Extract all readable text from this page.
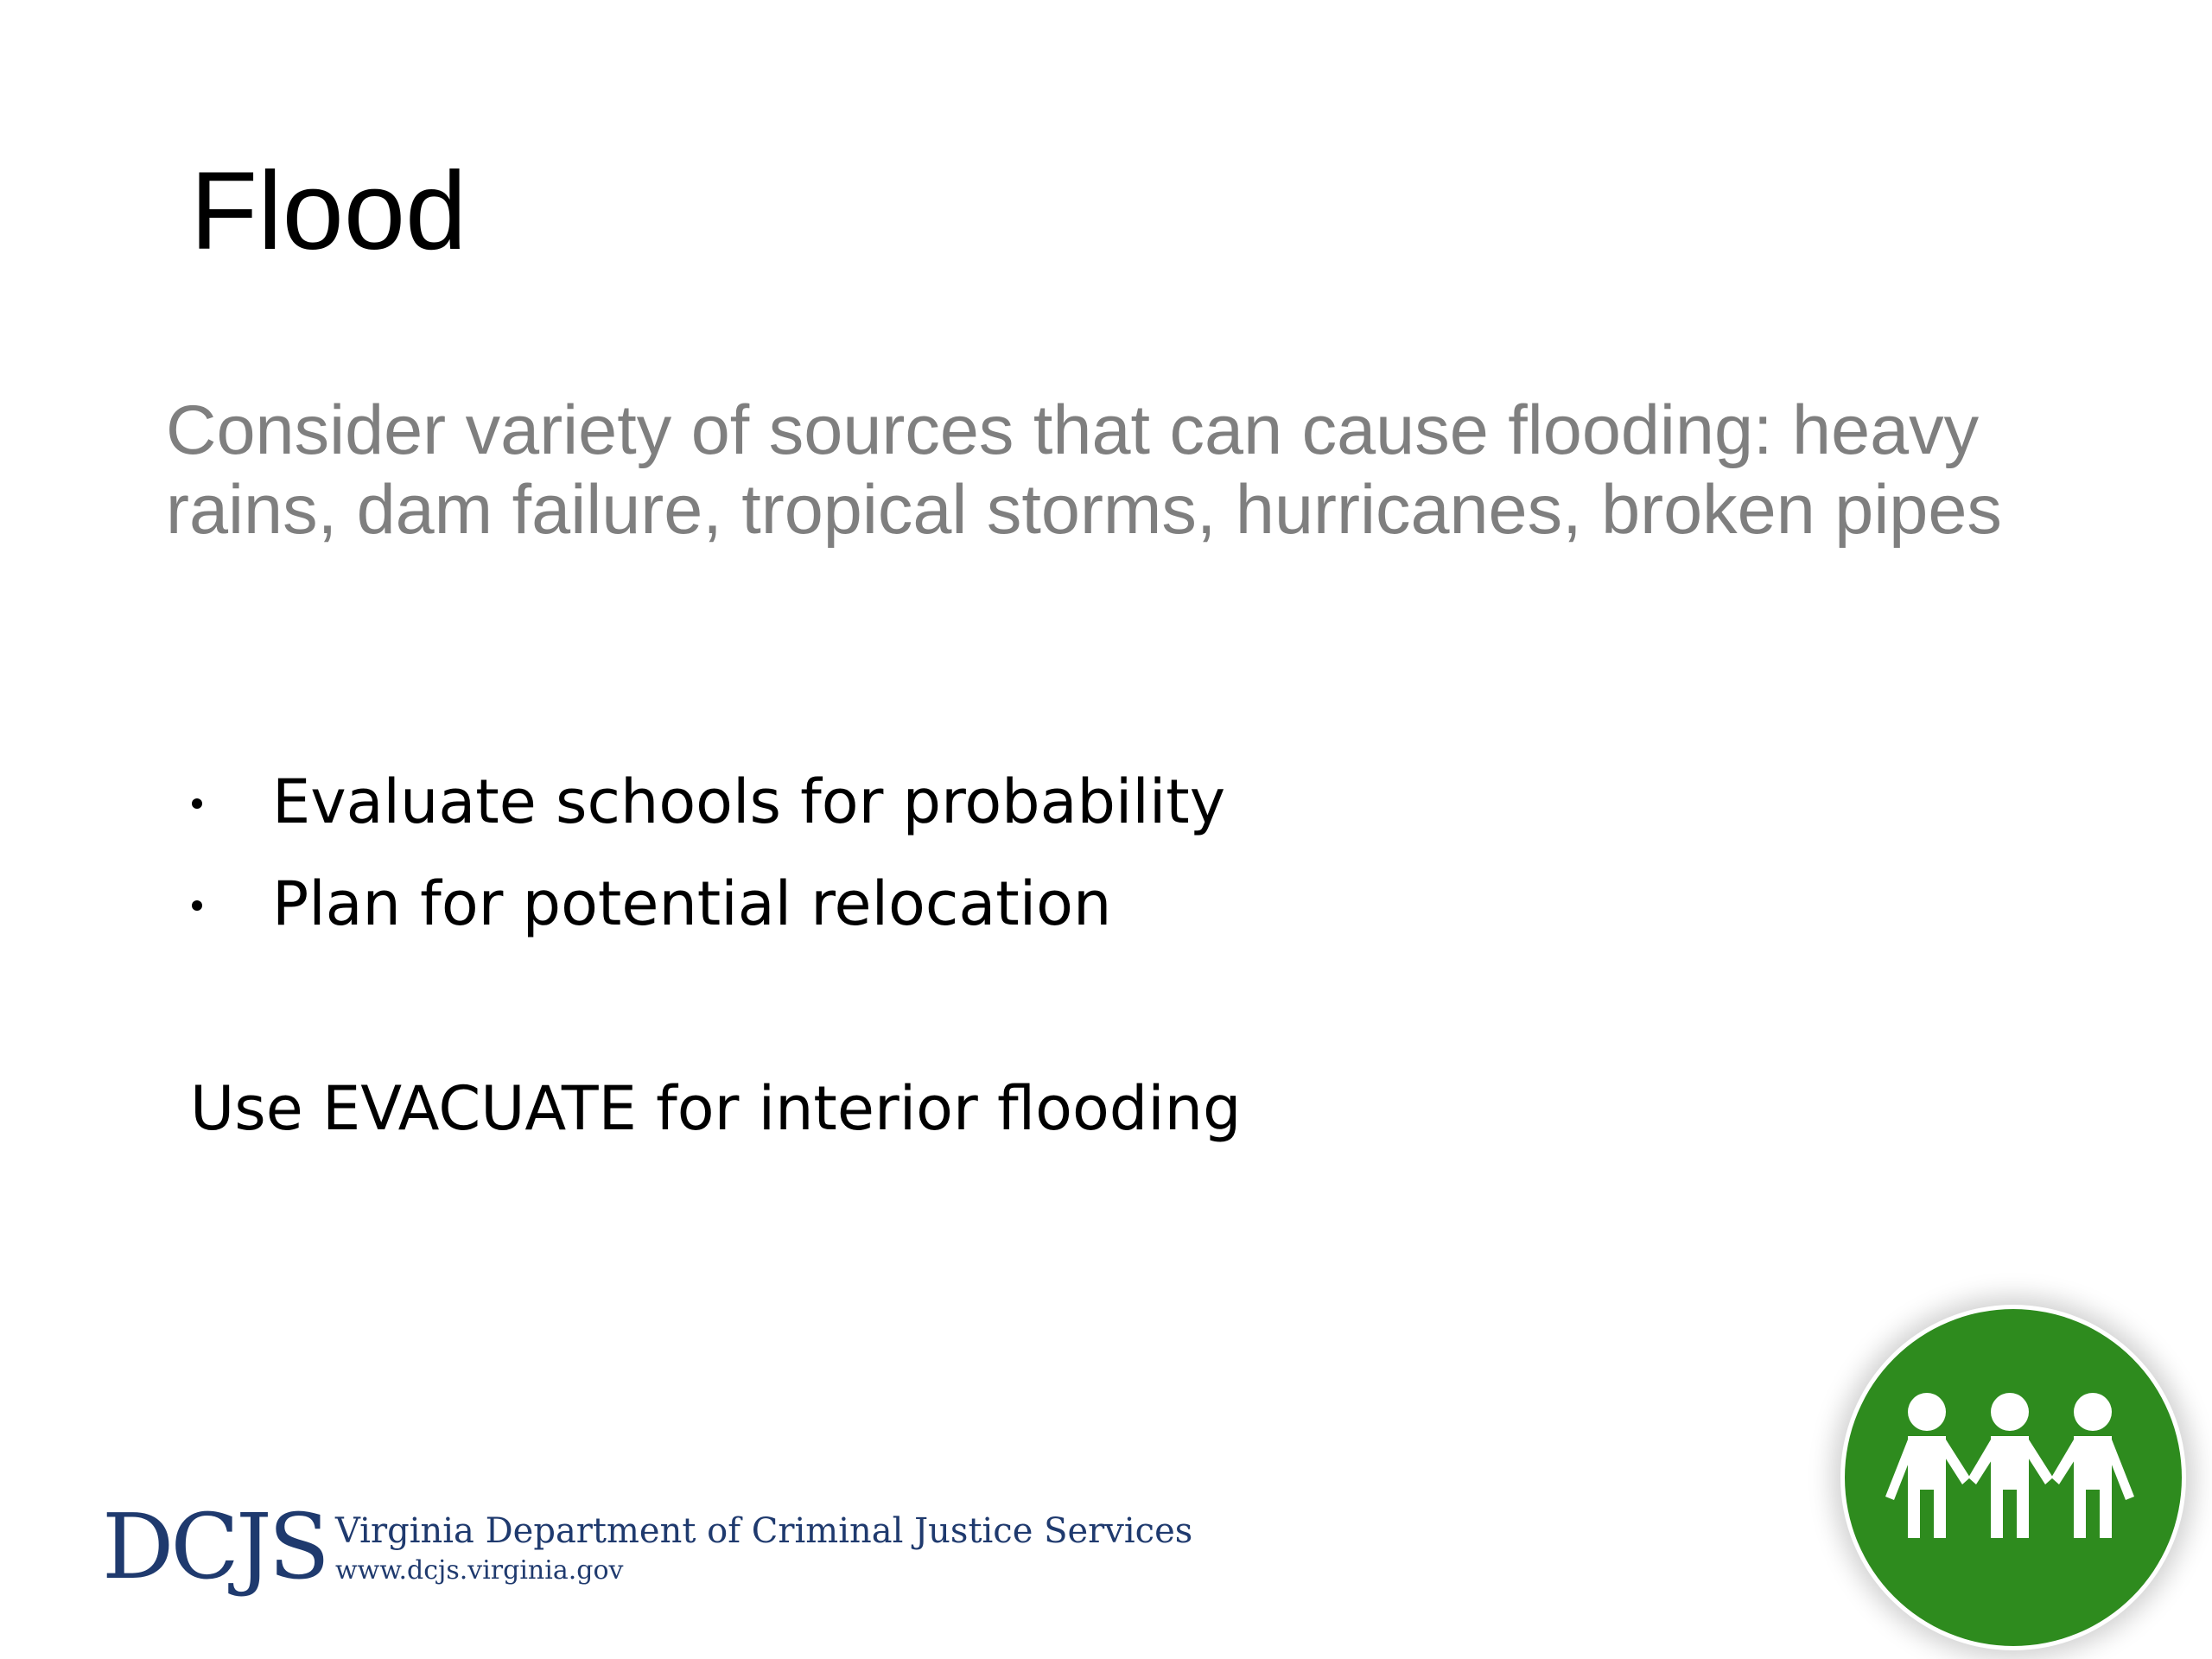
Flood

Consider variety of sources that can cause flooding: heavy rains, dam failure, tropical storms, hurricanes, broken pipes

Evaluate schools for probability
Plan for potential relocation

Use EVACUATE for interior flooding

DCJS Virginia Department of Criminal Justice Services
www.dcjs.virginia.gov
